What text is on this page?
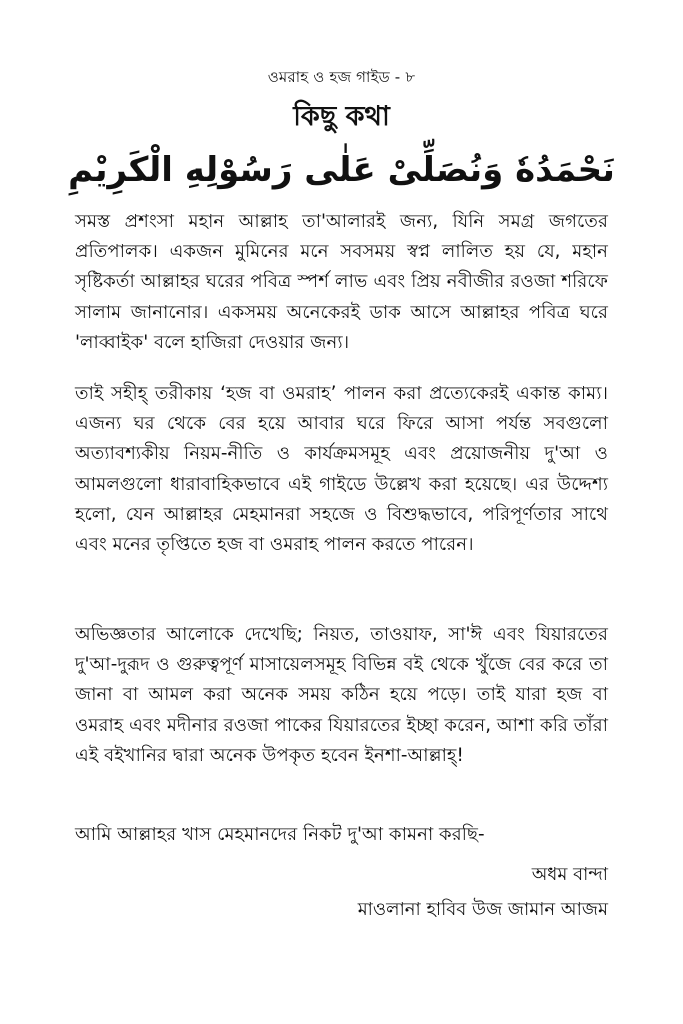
ওমরাহ ও হজ গাইড - ৮
কিছু কথা
نَحْمَدُهٗ وَنُصَلِّىْ عَلٰى رَسُوْلِهِ الْكَرِيْمِ

সমস্ত প্রশংসা মহান আল্লাহ তা'আলারই জন্য, যিনি সমগ্র জগতের প্রতিপালক। একজন মুমিনের মনে সবসময় স্বপ্ন লালিত হয় যে, মহান সৃষ্টিকর্তা আল্লাহর ঘরের পবিত্র স্পর্শ লাভ এবং প্রিয় নবীজীর রওজা শরিফে সালাম জানানোর। একসময় অনেকেরই ডাক আসে আল্লাহর পবিত্র ঘরে 'লাব্বাইক' বলে হাজিরা দেওয়ার জন্য।

তাই সহীহ্ তরীকায় ‘হজ বা ওমরাহ’ পালন করা প্রত্যেকেরই একান্ত কাম্য। এজন্য ঘর থেকে বের হয়ে আবার ঘরে ফিরে আসা পর্যন্ত সবগুলো অত্যাবশ্যকীয় নিয়ম-নীতি ও কার্যক্রমসমূহ এবং প্রয়োজনীয় দু'আ ও আমলগুলো ধারাবাহিকভাবে এই গাইডে উল্লেখ করা হয়েছে। এর উদ্দেশ্য হলো, যেন আল্লাহর মেহমানরা সহজে ও বিশুদ্ধভাবে, পরিপূর্ণতার সাথে এবং মনের তৃপ্তিতে হজ বা ওমরাহ পালন করতে পারেন।

অভিজ্ঞতার আলোকে দেখেছি; নিয়ত, তাওয়াফ, সা'ঈ এবং যিয়ারতের দু'আ-দুরূদ ও গুরুত্বপূর্ণ মাসায়েলসমূহ বিভিন্ন বই থেকে খুঁজে বের করে তা জানা বা আমল করা অনেক সময় কঠিন হয়ে পড়ে। তাই যারা হজ বা ওমরাহ এবং মদীনার রওজা পাকের যিয়ারতের ইচ্ছা করেন, আশা করি তাঁরা এই বইখানির দ্বারা অনেক উপকৃত হবেন ইনশা-আল্লাহ্!

আমি আল্লাহর খাস মেহমানদের নিকট দু'আ কামনা করছি-

অধম বান্দা
মাওলানা হাবিব উজ জামান আজম
